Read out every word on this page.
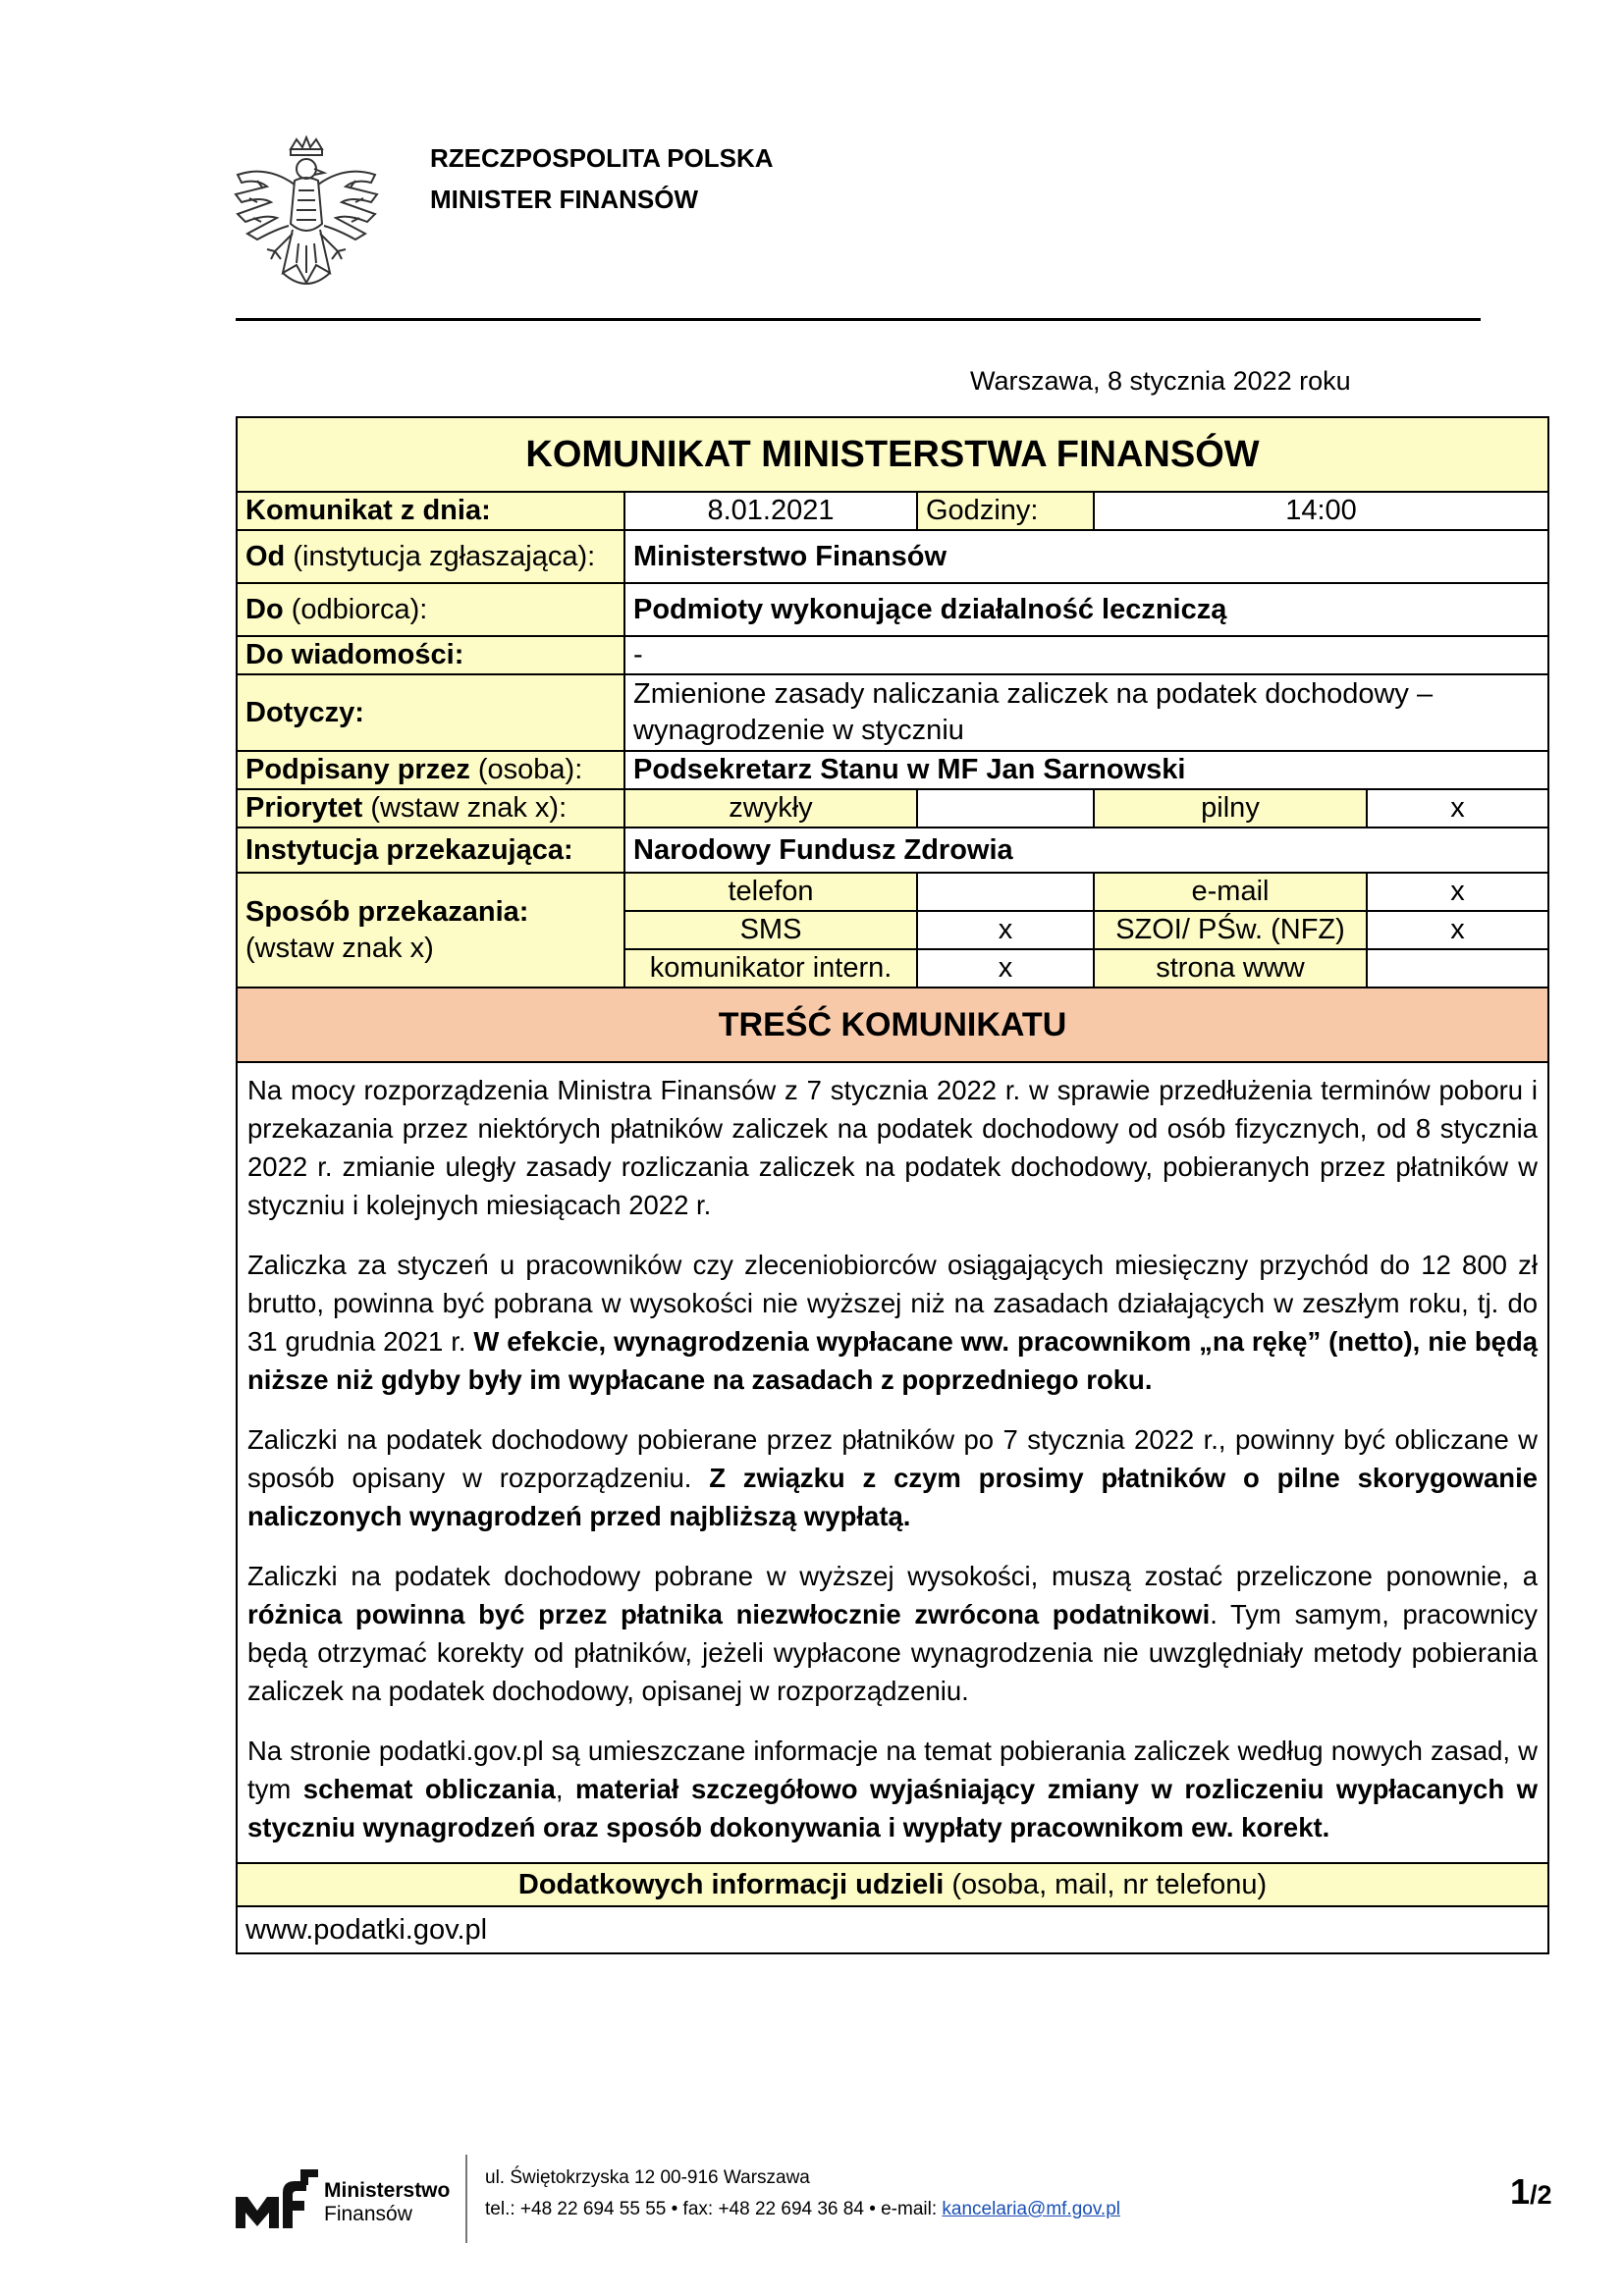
RZECZPOSPOLITA POLSKA
MINISTER FINANSÓW
Warszawa, 8 stycznia 2022 roku
KOMUNIKAT MINISTERSTWA FINANSÓW				
Komunikat z dnia:	8.01.2021	Godziny:	14:00	
Od (instytucja zgłaszająca):	Ministerstwo Finansów			
Do (odbiorca):	Podmioty wykonujące działalność leczniczą			
Do wiadomości:	-			
Dotyczy:	Zmienione zasady naliczania zaliczek na podatek dochodowy – wynagrodzenie w styczniu			
Podpisany przez (osoba):	Podsekretarz Stanu w MF Jan Sarnowski			
Priorytet (wstaw znak x):	zwykły		pilny	x
Instytucja przekazująca:	Narodowy Fundusz Zdrowia			

Sposób przekazania:
(wstaw znak x)	telefon		e-mail	x
	SMS	x	SZOI/ PŚw. (NFZ)	x
	komunikator intern.	x	strona www	
TREŚĆ KOMUNIKATU				

Na mocy rozporządzenia Ministra Finansów z 7 stycznia 2022 r. w sprawie przedłużenia terminów poboru i przekazania przez niektórych płatników zaliczek na podatek dochodowy od osób fizycznych, od 8 stycznia 2022 r. zmianie uległy zasady rozliczania zaliczek na podatek dochodowy, pobieranych przez płatników w styczniu i kolejnych miesiącach 2022 r.

Zaliczka za styczeń u pracowników czy zleceniobiorców osiągających miesięczny przychód do 12 800 zł brutto, powinna być pobrana w wysokości nie wyższej niż na zasadach działających w zeszłym roku, tj. do 31 grudnia 2021 r. W efekcie, wynagrodzenia wypłacane ww. pracownikom „na rękę” (netto), nie będą niższe niż gdyby były im wypłacane na zasadach z poprzedniego roku.

Zaliczki na podatek dochodowy pobierane przez płatników po 7 stycznia 2022 r., powinny być obliczane w sposób opisany w rozporządzeniu. Z związku z czym prosimy płatników o pilne skorygowanie naliczonych wynagrodzeń przed najbliższą wypłatą.

Zaliczki na podatek dochodowy pobrane w wyższej wysokości, muszą zostać przeliczone ponownie, a różnica powinna być przez płatnika niezwłocznie zwrócona podatnikowi. Tym samym, pracownicy będą otrzymać korekty od płatników, jeżeli wypłacone wynagrodzenia nie uwzględniały metody pobierania zaliczek na podatek dochodowy, opisanej w rozporządzeniu.

Na stronie podatki.gov.pl są umieszczane informacje na temat pobierania zaliczek według nowych zasad, w tym schemat obliczania, materiał szczegółowo wyjaśniający zmiany w rozliczeniu wypłacanych w styczniu wynagrodzeń oraz sposób dokonywania i wypłaty pracownikom ew. korekt.				

Dodatkowych informacji udzieli (osoba, mail, nr telefonu)				
www.podatki.gov.pl				
Ministerstwo
Finansów
ul. Świętokrzyska 12 00-916 Warszawa
tel.: +48 22 694 55 55 • fax: +48 22 694 36 84 • e-mail: kancelaria@mf.gov.pl	1/2
